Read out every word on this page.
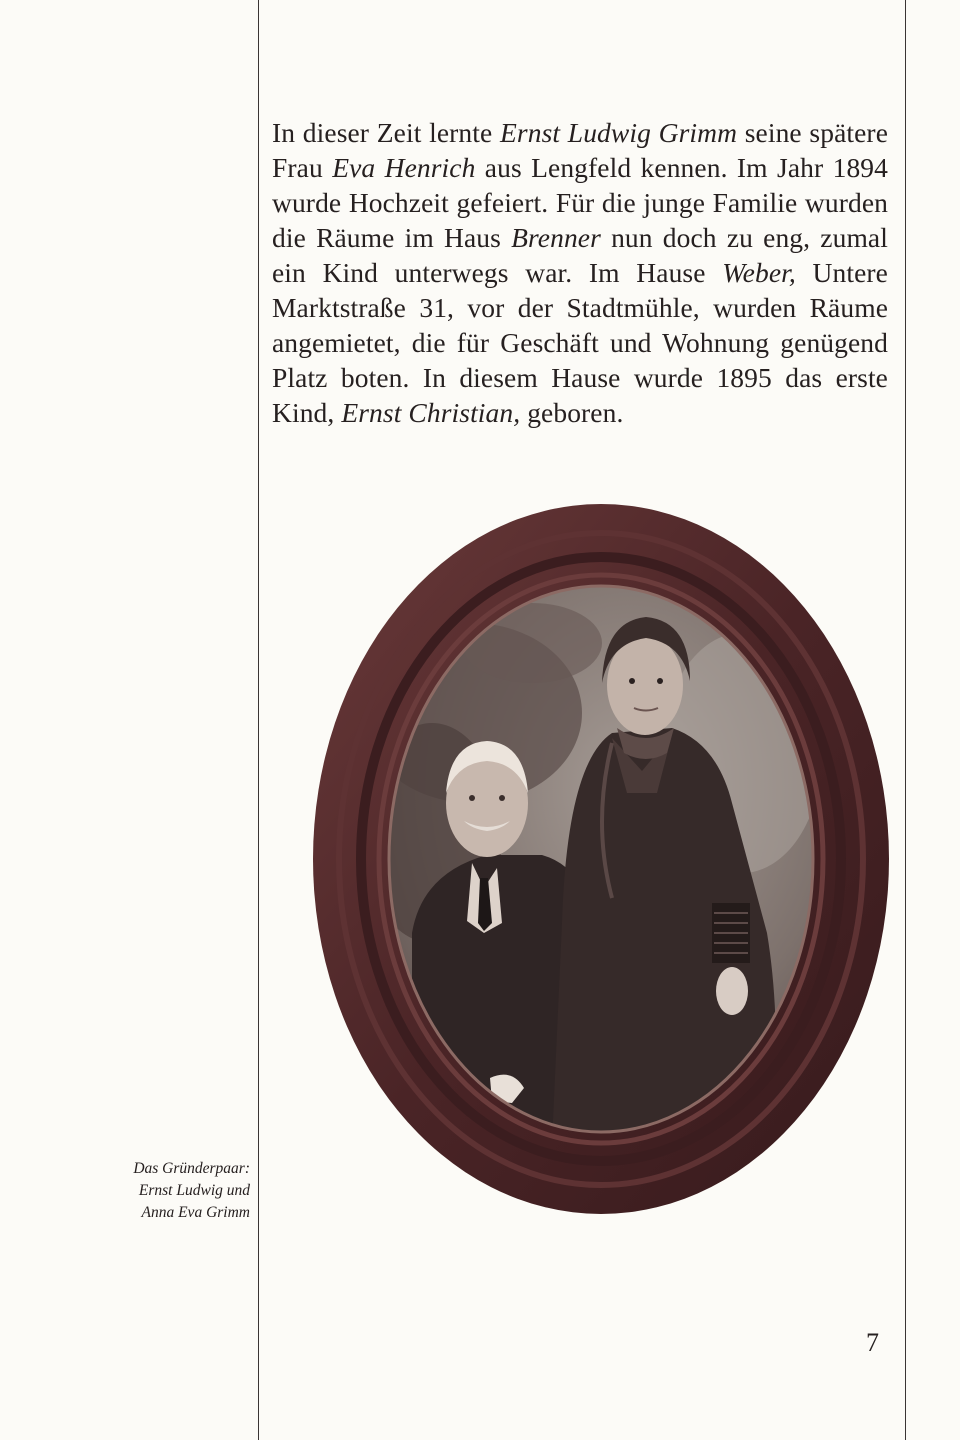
In dieser Zeit lernte Ernst Ludwig Grimm seine spätere Frau Eva Henrich aus Lengfeld kennen. Im Jahr 1894 wurde Hochzeit gefeiert. Für die junge Familie wurden die Räume im Haus Brenner nun doch zu eng, zumal ein Kind unterwegs war. Im Hause Weber, Untere Marktstraße 31, vor der Stadtmühle, wurden Räume angemietet, die für Geschäft und Wohnung genügend Platz boten. In diesem Hause wurde 1895 das erste Kind, Ernst Christian, geboren.

Das Gründerpaar:
Ernst Ludwig und
Anna Eva Grimm
7
